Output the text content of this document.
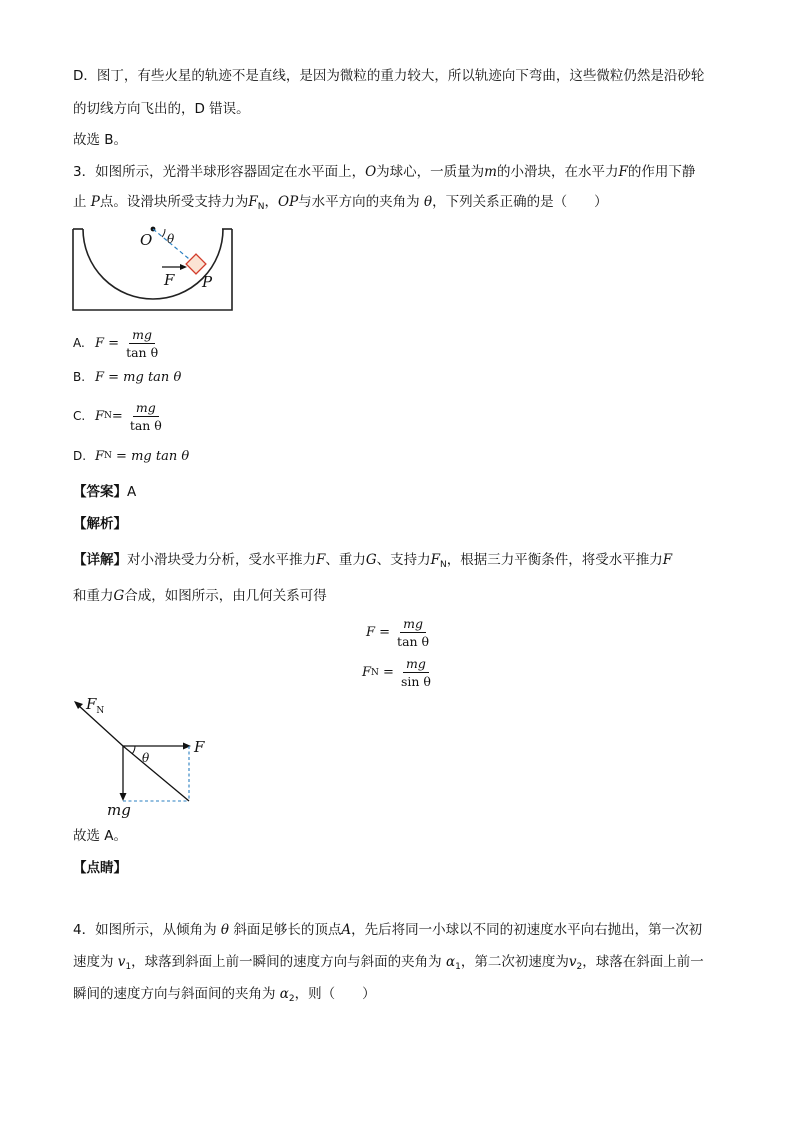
D．图丁，有些火星的轨迹不是直线，是因为微粒的重力较大，所以轨迹向下弯曲，这些微粒仍然是沿砂轮
的切线方向飞出的，D 错误。
故选 B。
3．如图所示，光滑半球形容器固定在水平面上，O为球心，一质量为m的小滑块，在水平力F的作用下静
止 P点。设滑块所受支持力为$F_N$，OP与水平方向的夹角为 θ，下列关系正确的是（　　）
O θ
F P
A. F
= $\frac{mg}{\text{tan θ}}$
B. F = mg tan θ
C. F $N = \frac{mg}{\text{tan θ}}$
D. F N
= mg tan θ
【答案】A
【解析】
【详解】对小滑块受力分析，受水平推力F、重力G、支持力$F_N$，根据三力平衡条件，将受水平推力F
和重力G合成，如图所示，由几何关系可得
$F = \frac{mg}{\text{tan θ}}$
F N
= $\frac{mg}{\text{sin θ}}$
$F_N$
F
θ
mg
故选 A。
【点睛】
4．如图所示，从倾角为 θ 斜面足够长的顶点A，先后将同一小球以不同的初速度水平向右抛出，第一次初
速度为 $v_1$，球落到斜面上前一瞬间的速度方向与斜面的夹角为 $\alpha_1$，第二次初速度为$v_2$，球落在斜面上前一
瞬间的速度方向与斜面间的夹角为 $\alpha_2$，则（　　）
